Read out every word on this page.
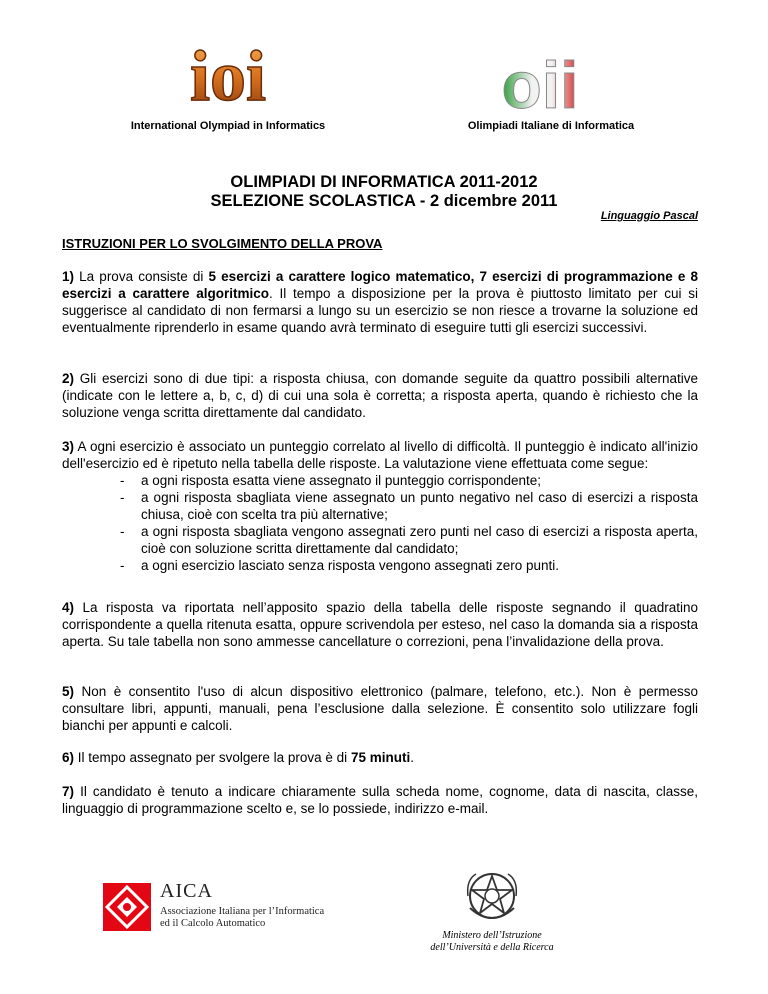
ioi	oii
International Olympiad in Informatics	Olimpiadi Italiane di Informatica
OLIMPIADI DI INFORMATICA 2011-2012
SELEZIONE SCOLASTICA - 2 dicembre 2011
Linguaggio Pascal
ISTRUZIONI PER LO SVOLGIMENTO DELLA PROVA

1) La prova consiste di 5 esercizi a carattere logico matematico, 7 esercizi di programmazione e 8 esercizi a carattere algoritmico. Il tempo a disposizione per la prova è piuttosto limitato per cui si suggerisce al candidato di non fermarsi a lungo su un esercizio se non riesce a trovarne la soluzione ed eventualmente riprenderlo in esame quando avrà terminato di eseguire tutti gli esercizi successivi.

2) Gli esercizi sono di due tipi: a risposta chiusa, con domande seguite da quattro possibili alternative (indicate con le lettere a, b, c, d) di cui una sola è corretta; a risposta aperta, quando è richiesto che la soluzione venga scritta direttamente dal candidato.

3) A ogni esercizio è associato un punteggio correlato al livello di difficoltà. Il punteggio è indicato all'inizio dell'esercizio ed è ripetuto nella tabella delle risposte. La valutazione viene effettuata come segue:
- a ogni risposta esatta viene assegnato il punteggio corrispondente;
- a ogni risposta sbagliata viene assegnato un punto negativo nel caso di esercizi a risposta chiusa, cioè con scelta tra più alternative;
- a ogni risposta sbagliata vengono assegnati zero punti nel caso di esercizi a risposta aperta, cioè con soluzione scritta direttamente dal candidato;
- a ogni esercizio lasciato senza risposta vengono assegnati zero punti.

4) La risposta va riportata nell’apposito spazio della tabella delle risposte segnando il quadratino corrispondente a quella ritenuta esatta, oppure scrivendola per esteso, nel caso la domanda sia a risposta aperta. Su tale tabella non sono ammesse cancellature o correzioni, pena l’invalidazione della prova.

5) Non è consentito l'uso di alcun dispositivo elettronico (palmare, telefono, etc.). Non è permesso consultare libri, appunti, manuali, pena l’esclusione dalla selezione. È consentito solo utilizzare fogli bianchi per appunti e calcoli.

6) Il tempo assegnato per svolgere la prova è di 75 minuti.

7) Il candidato è tenuto a indicare chiaramente sulla scheda nome, cognome, data di nascita, classe, linguaggio di programmazione scelto e, se lo possiede, indirizzo e-mail.

AICA
Associazione Italiana per l’Informatica
ed il Calcolo Automatico
Ministero dell’Istruzione
dell’Università e della Ricerca
